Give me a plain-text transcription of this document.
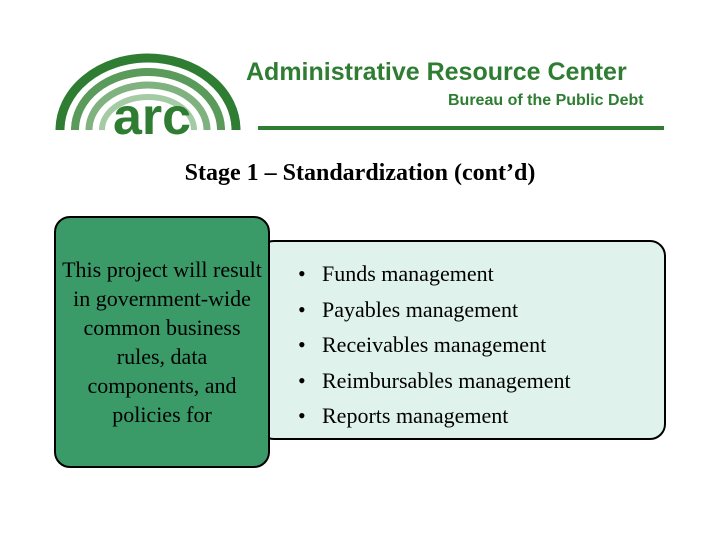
arc
Administrative Resource Center
Bureau of the Public Debt
Stage 1 – Standardization (cont’d)
This project will result in government-wide common business rules, data components, and policies for
• Funds management
• Payables management
• Receivables management
• Reimbursables management
• Reports management
